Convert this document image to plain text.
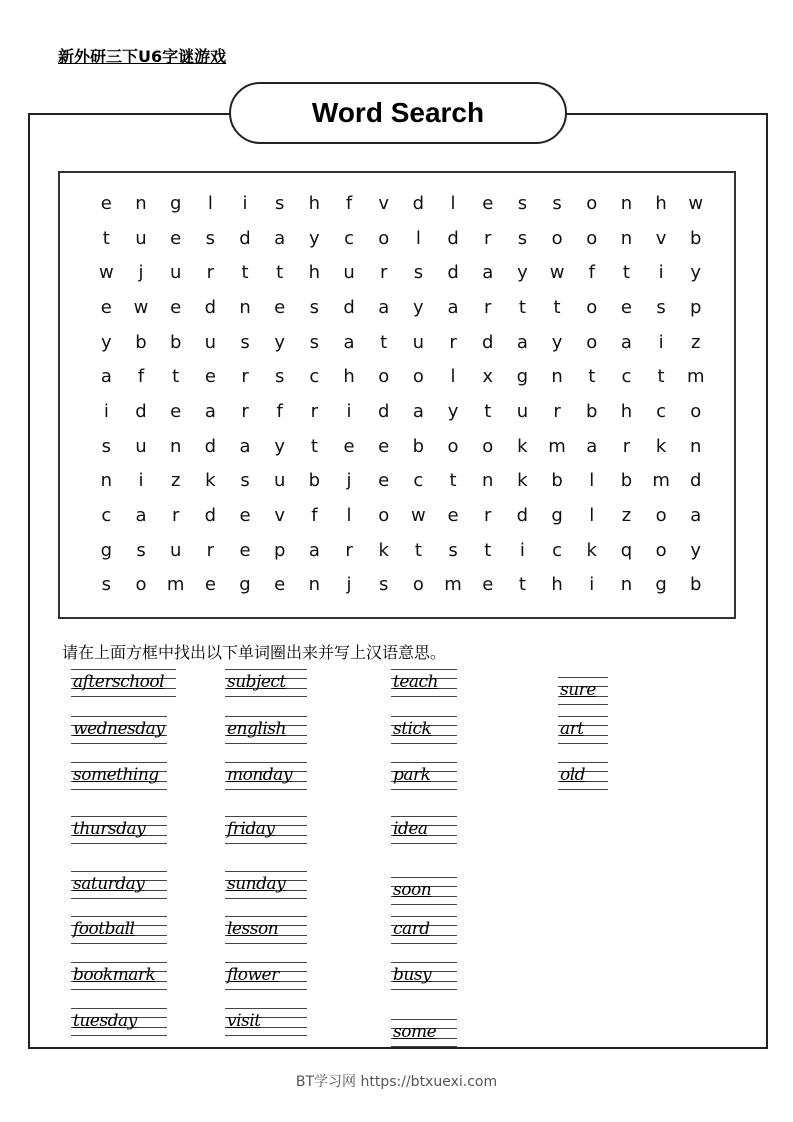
新外研三下U6字谜游戏
Word Search
e	n	g	l	i	s	h	f	v	d	l	e	s	s	o	n	h	w
t	u	e	s	d	a	y	c	o	l	d	r	s	o	o	n	v	b
w	j	u	r	t	t	h	u	r	s	d	a	y	w	f	t	i	y
e	w	e	d	n	e	s	d	a	y	a	r	t	t	o	e	s	p
y	b	b	u	s	y	s	a	t	u	r	d	a	y	o	a	i	z
a	f	t	e	r	s	c	h	o	o	l	x	g	n	t	c	t	m
i	d	e	a	r	f	r	i	d	a	y	t	u	r	b	h	c	o
s	u	n	d	a	y	t	e	e	b	o	o	k	m	a	r	k	n
n	i	z	k	s	u	b	j	e	c	t	n	k	b	l	b	m	d
c	a	r	d	e	v	f	l	o	w	e	r	d	g	l	z	o	a
g	s	u	r	e	p	a	r	k	t	s	t	i	c	k	q	o	y
s	o	m	e	g	e	n	j	s	o	m	e	t	h	i	n	g	b
请在上面方框中找出以下单词圈出来并写上汉语意思。
afterschool
wednesday
something
thursday
saturday
football
bookmark
tuesday
subject
english
monday
friday
sunday
lesson
flower
visit
teach
stick
park
idea
soon
card
busy
some
sure
art
old
BT学习网 https://btxuexi.com
